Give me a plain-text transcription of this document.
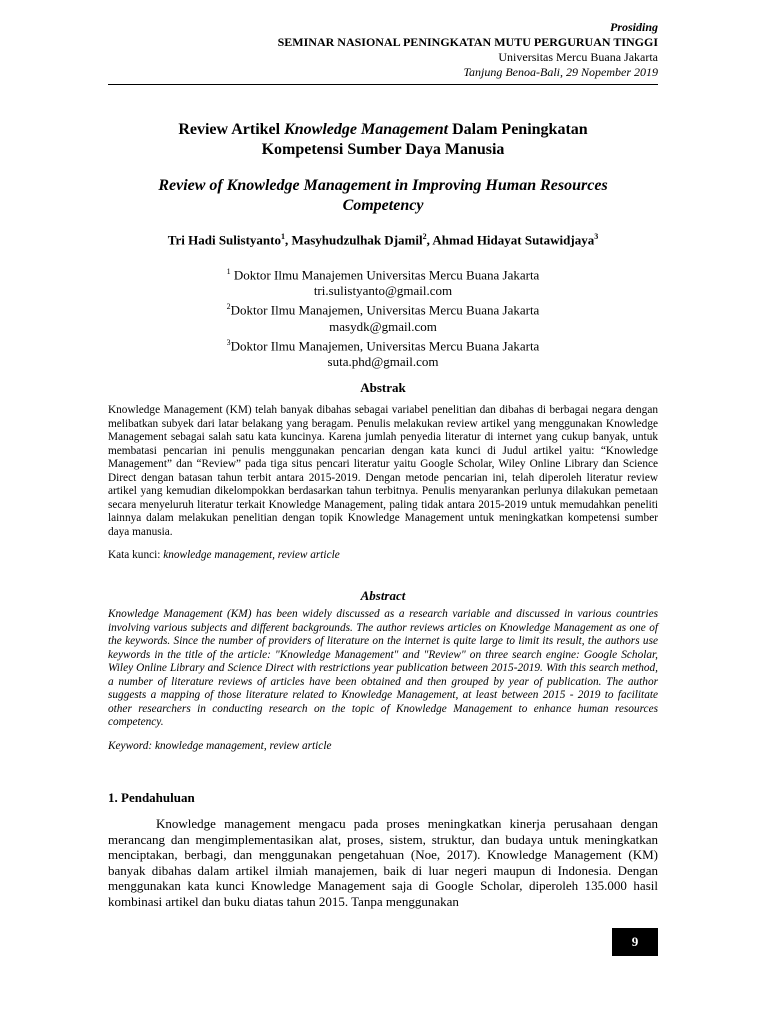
Prosiding
SEMINAR NASIONAL PENINGKATAN MUTU PERGURUAN TINGGI
Universitas Mercu Buana Jakarta
Tanjung Benoa-Bali, 29 Nopember 2019
Review Artikel Knowledge Management Dalam Peningkatan
Kompetensi Sumber Daya Manusia
Review of Knowledge Management in Improving Human Resources
Competency
Tri Hadi Sulistyanto$^1$, Masyhudzulhak Djamil$^2$, Ahmad Hidayat Sutawidjaya$^3$
$^1$ Doktor Ilmu Manajemen Universitas Mercu Buana Jakarta
tri.sulistyanto@gmail.com
$^2$Doktor Ilmu Manajemen, Universitas Mercu Buana Jakarta
masydk@gmail.com
$^3$Doktor Ilmu Manajemen, Universitas Mercu Buana Jakarta
suta.phd@gmail.com
Abstrak
Knowledge Management (KM) telah banyak dibahas sebagai variabel penelitian dan dibahas di berbagai negara dengan melibatkan subyek dari latar belakang yang beragam. Penulis melakukan review artikel yang menggunakan Knowledge Management sebagai salah satu kata kuncinya. Karena jumlah penyedia literatur di internet yang cukup banyak, untuk membatasi pencarian ini penulis menggunakan pencarian dengan kata kunci di Judul artikel yaitu: “Knowledge Management” dan “Review” pada tiga situs pencari literatur yaitu Google Scholar, Wiley Online Library dan Science Direct dengan batasan tahun terbit antara 2015-2019. Dengan metode pencarian ini, telah diperoleh literatur review artikel yang kemudian dikelompokkan berdasarkan tahun terbitnya. Penulis menyarankan perlunya dilakukan pemetaan secara menyeluruh literatur terkait Knowledge Management, paling tidak antara 2015-2019 untuk memudahkan peneliti lainnya dalam melakukan penelitian dengan topik Knowledge Management untuk meningkatkan kompetensi sumber daya manusia.
Kata kunci: knowledge management, review article
Abstract
Knowledge Management (KM) has been widely discussed as a research variable and discussed in various countries involving various subjects and different backgrounds. The author reviews articles on Knowledge Management as one of the keywords. Since the number of providers of literature on the internet is quite large to limit its result, the authors use keywords in the title of the article: "Knowledge Management" and "Review" on three search engine: Google Scholar, Wiley Online Library and Science Direct with restrictions year publication between 2015-2019. With this search method, a number of literature reviews of articles have been obtained and then grouped by year of publication. The author suggests a mapping of those literature related to Knowledge Management, at least between 2015 - 2019 to facilitate other researchers in conducting research on the topic of Knowledge Management to enhance human resources competency.
Keyword: knowledge management, review article
1. Pendahuluan
Knowledge management mengacu pada proses meningkatkan kinerja perusahaan dengan merancang dan mengimplementasikan alat, proses, sistem, struktur, dan budaya untuk meningkatkan menciptakan, berbagi, dan menggunakan pengetahuan (Noe, 2017). Knowledge Management (KM) banyak dibahas dalam artikel ilmiah manajemen, baik di luar negeri maupun di Indonesia. Dengan menggunakan kata kunci Knowledge Management saja di Google Scholar, diperoleh 135.000 hasil kombinasi artikel dan buku diatas tahun 2015. Tanpa menggunakan
9
